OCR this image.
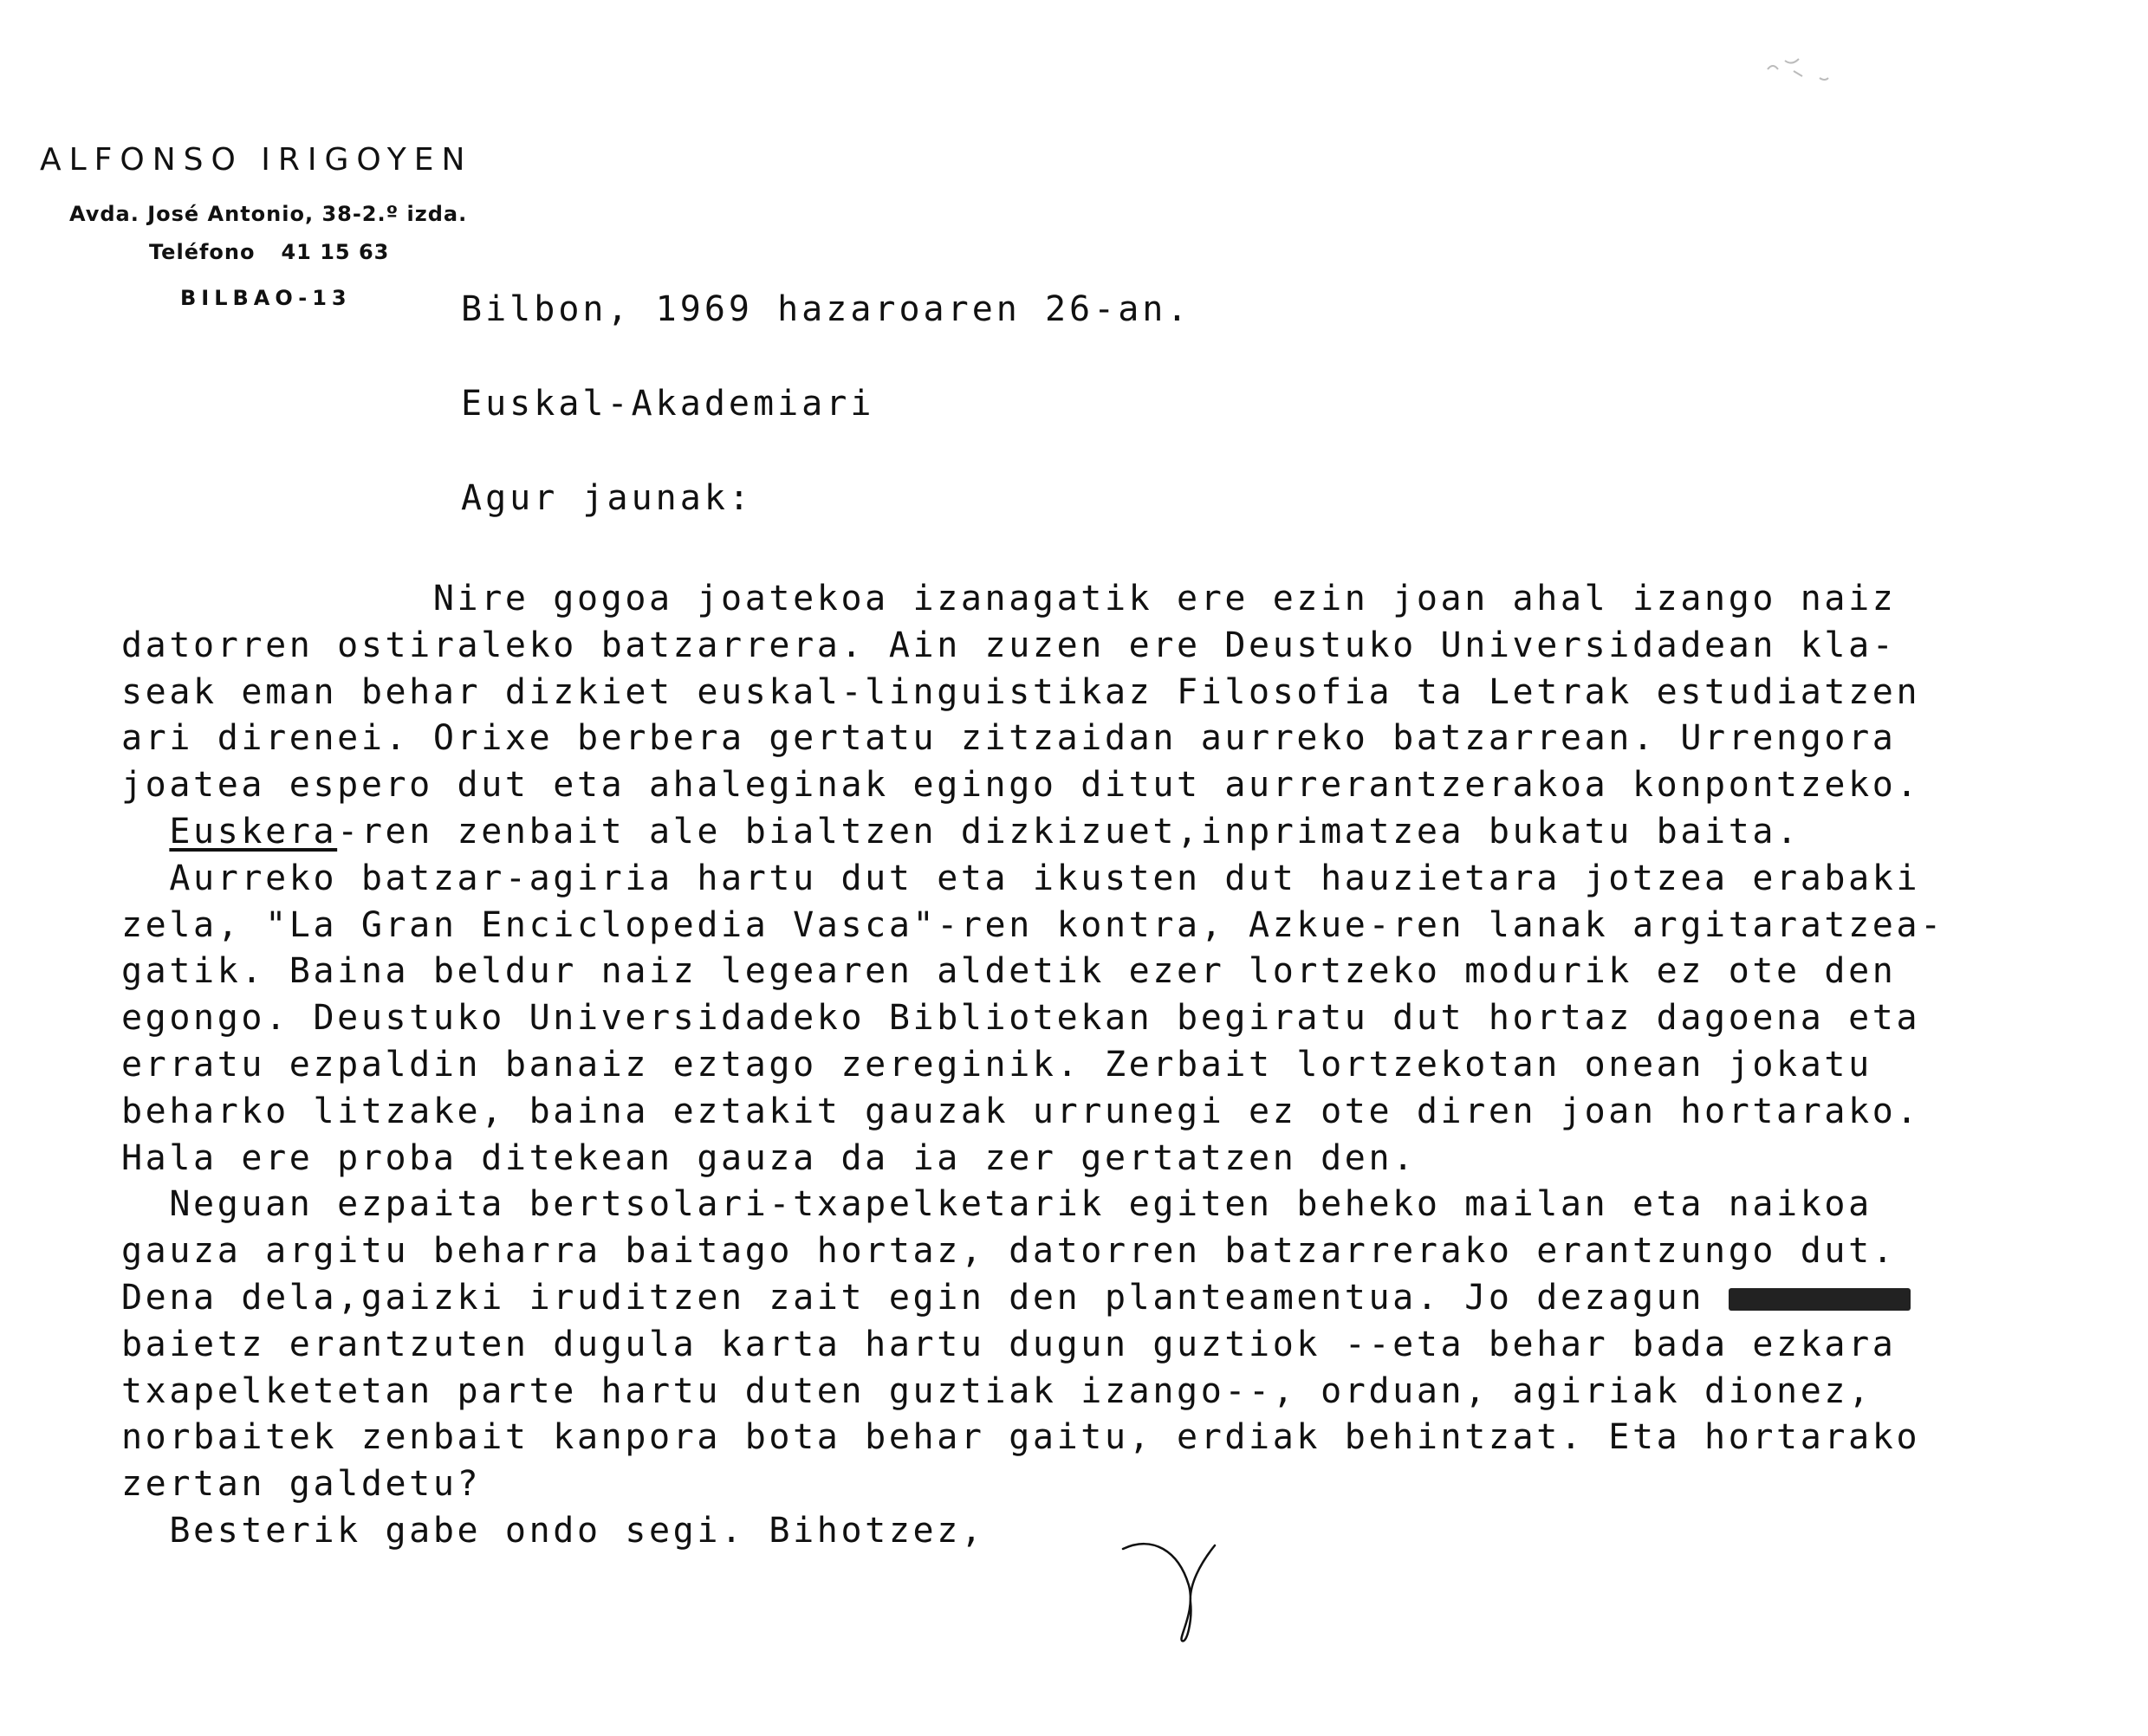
ALFONSO IRIGOYEN
Avda. José Antonio, 38-2.º izda.
Teléfono 41 15 63
BILBAO-13	Bilbon, 1969 hazaroaren 26-an.
Euskal-Akademiari
Agur jaunak:
Nire gogoa joatekoa izanagatik ere ezin joan ahal izango naiz
datorren ostiraleko batzarrera. Ain zuzen ere Deustuko Universidadean kla-
seak eman behar dizkiet euskal-linguistikaz Filosofia ta Letrak estudiatzen
ari direnei. Orixe berbera gertatu zitzaidan aurreko batzarrean. Urrengora
joatea espero dut eta ahaleginak egingo ditut aurrerantzerakoa konpontzeko.
Euskera-ren zenbait ale bialtzen dizkizuet,inprimatzea bukatu baita.
Aurreko batzar-agiria hartu dut eta ikusten dut hauzietara jotzea erabaki
zela, "La Gran Enciclopedia Vasca"-ren kontra, Azkue-ren lanak argitaratzea-
gatik. Baina beldur naiz legearen aldetik ezer lortzeko modurik ez ote den
egongo. Deustuko Universidadeko Bibliotekan begiratu dut hortaz dagoena eta
erratu ezpaldin banaiz eztago zereginik. Zerbait lortzekotan onean jokatu
beharko litzake, baina eztakit gauzak urrunegi ez ote diren joan hortarako.
Hala ere proba ditekean gauza da ia zer gertatzen den.
Neguan ezpaita bertsolari-txapelketarik egiten beheko mailan eta naikoa
gauza argitu beharra baitago hortaz, datorren batzarrerako erantzungo dut.
Dena dela,gaizki iruditzen zait egin den planteamentua. Jo dezagun
baietz erantzuten dugula karta hartu dugun guztiok --eta behar bada ezkara
txapelketetan parte hartu duten guztiak izango--, orduan, agiriak dionez,
norbaitek zenbait kanpora bota behar gaitu, erdiak behintzat. Eta hortarako
zertan galdetu?
Besterik gabe ondo segi. Bihotzez,
